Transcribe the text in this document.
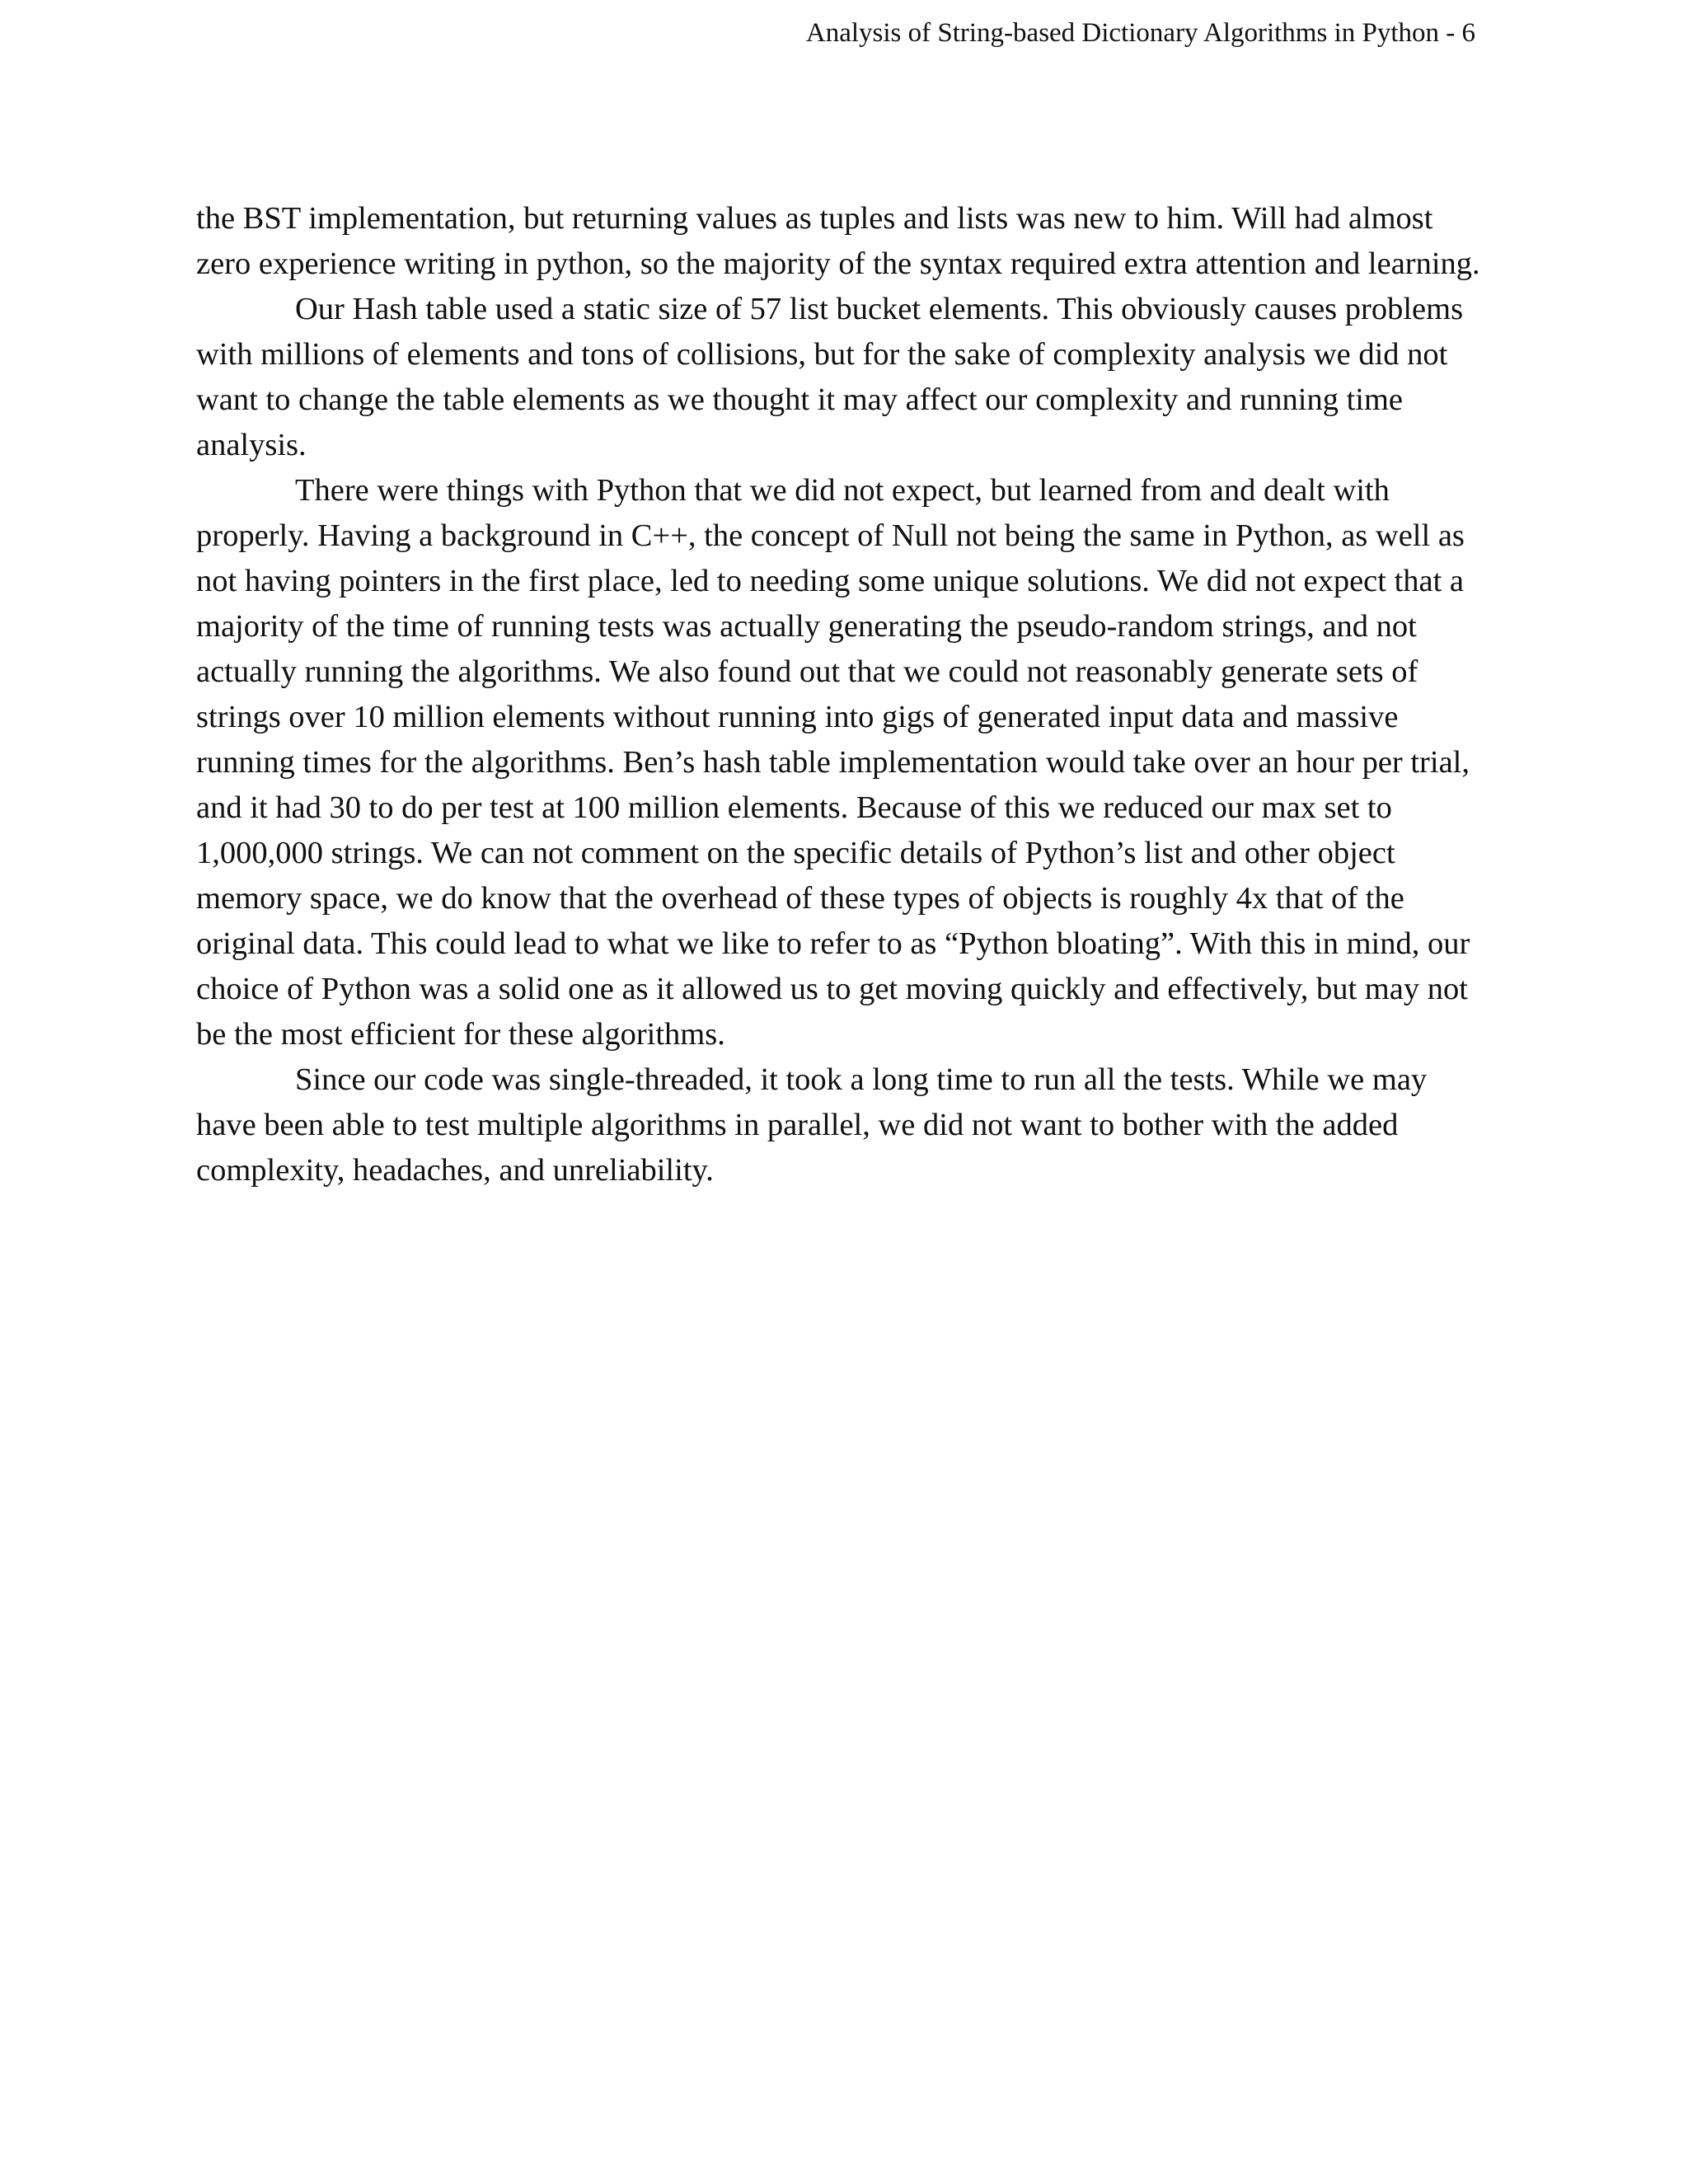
Analysis of String-based Dictionary Algorithms in Python - 6

the BST implementation, but returning values as tuples and lists was new to him. Will had almost zero experience writing in python, so the majority of the syntax required extra attention and learning.

Our Hash table used a static size of 57 list bucket elements. This obviously causes problems with millions of elements and tons of collisions, but for the sake of complexity analysis we did not want to change the table elements as we thought it may affect our complexity and running time analysis.

There were things with Python that we did not expect, but learned from and dealt with properly. Having a background in C++, the concept of Null not being the same in Python, as well as not having pointers in the first place, led to needing some unique solutions. We did not expect that a majority of the time of running tests was actually generating the pseudo-random strings, and not actually running the algorithms. We also found out that we could not reasonably generate sets of strings over 10 million elements without running into gigs of generated input data and massive running times for the algorithms. Ben’s hash table implementation would take over an hour per trial, and it had 30 to do per test at 100 million elements. Because of this we reduced our max set to 1,000,000 strings. We can not comment on the specific details of Python’s list and other object memory space, we do know that the overhead of these types of objects is roughly 4x that of the original data. This could lead to what we like to refer to as “Python bloating”. With this in mind, our choice of Python was a solid one as it allowed us to get moving quickly and effectively, but may not be the most efficient for these algorithms.

Since our code was single-threaded, it took a long time to run all the tests. While we may have been able to test multiple algorithms in parallel, we did not want to bother with the added complexity, headaches, and unreliability.
